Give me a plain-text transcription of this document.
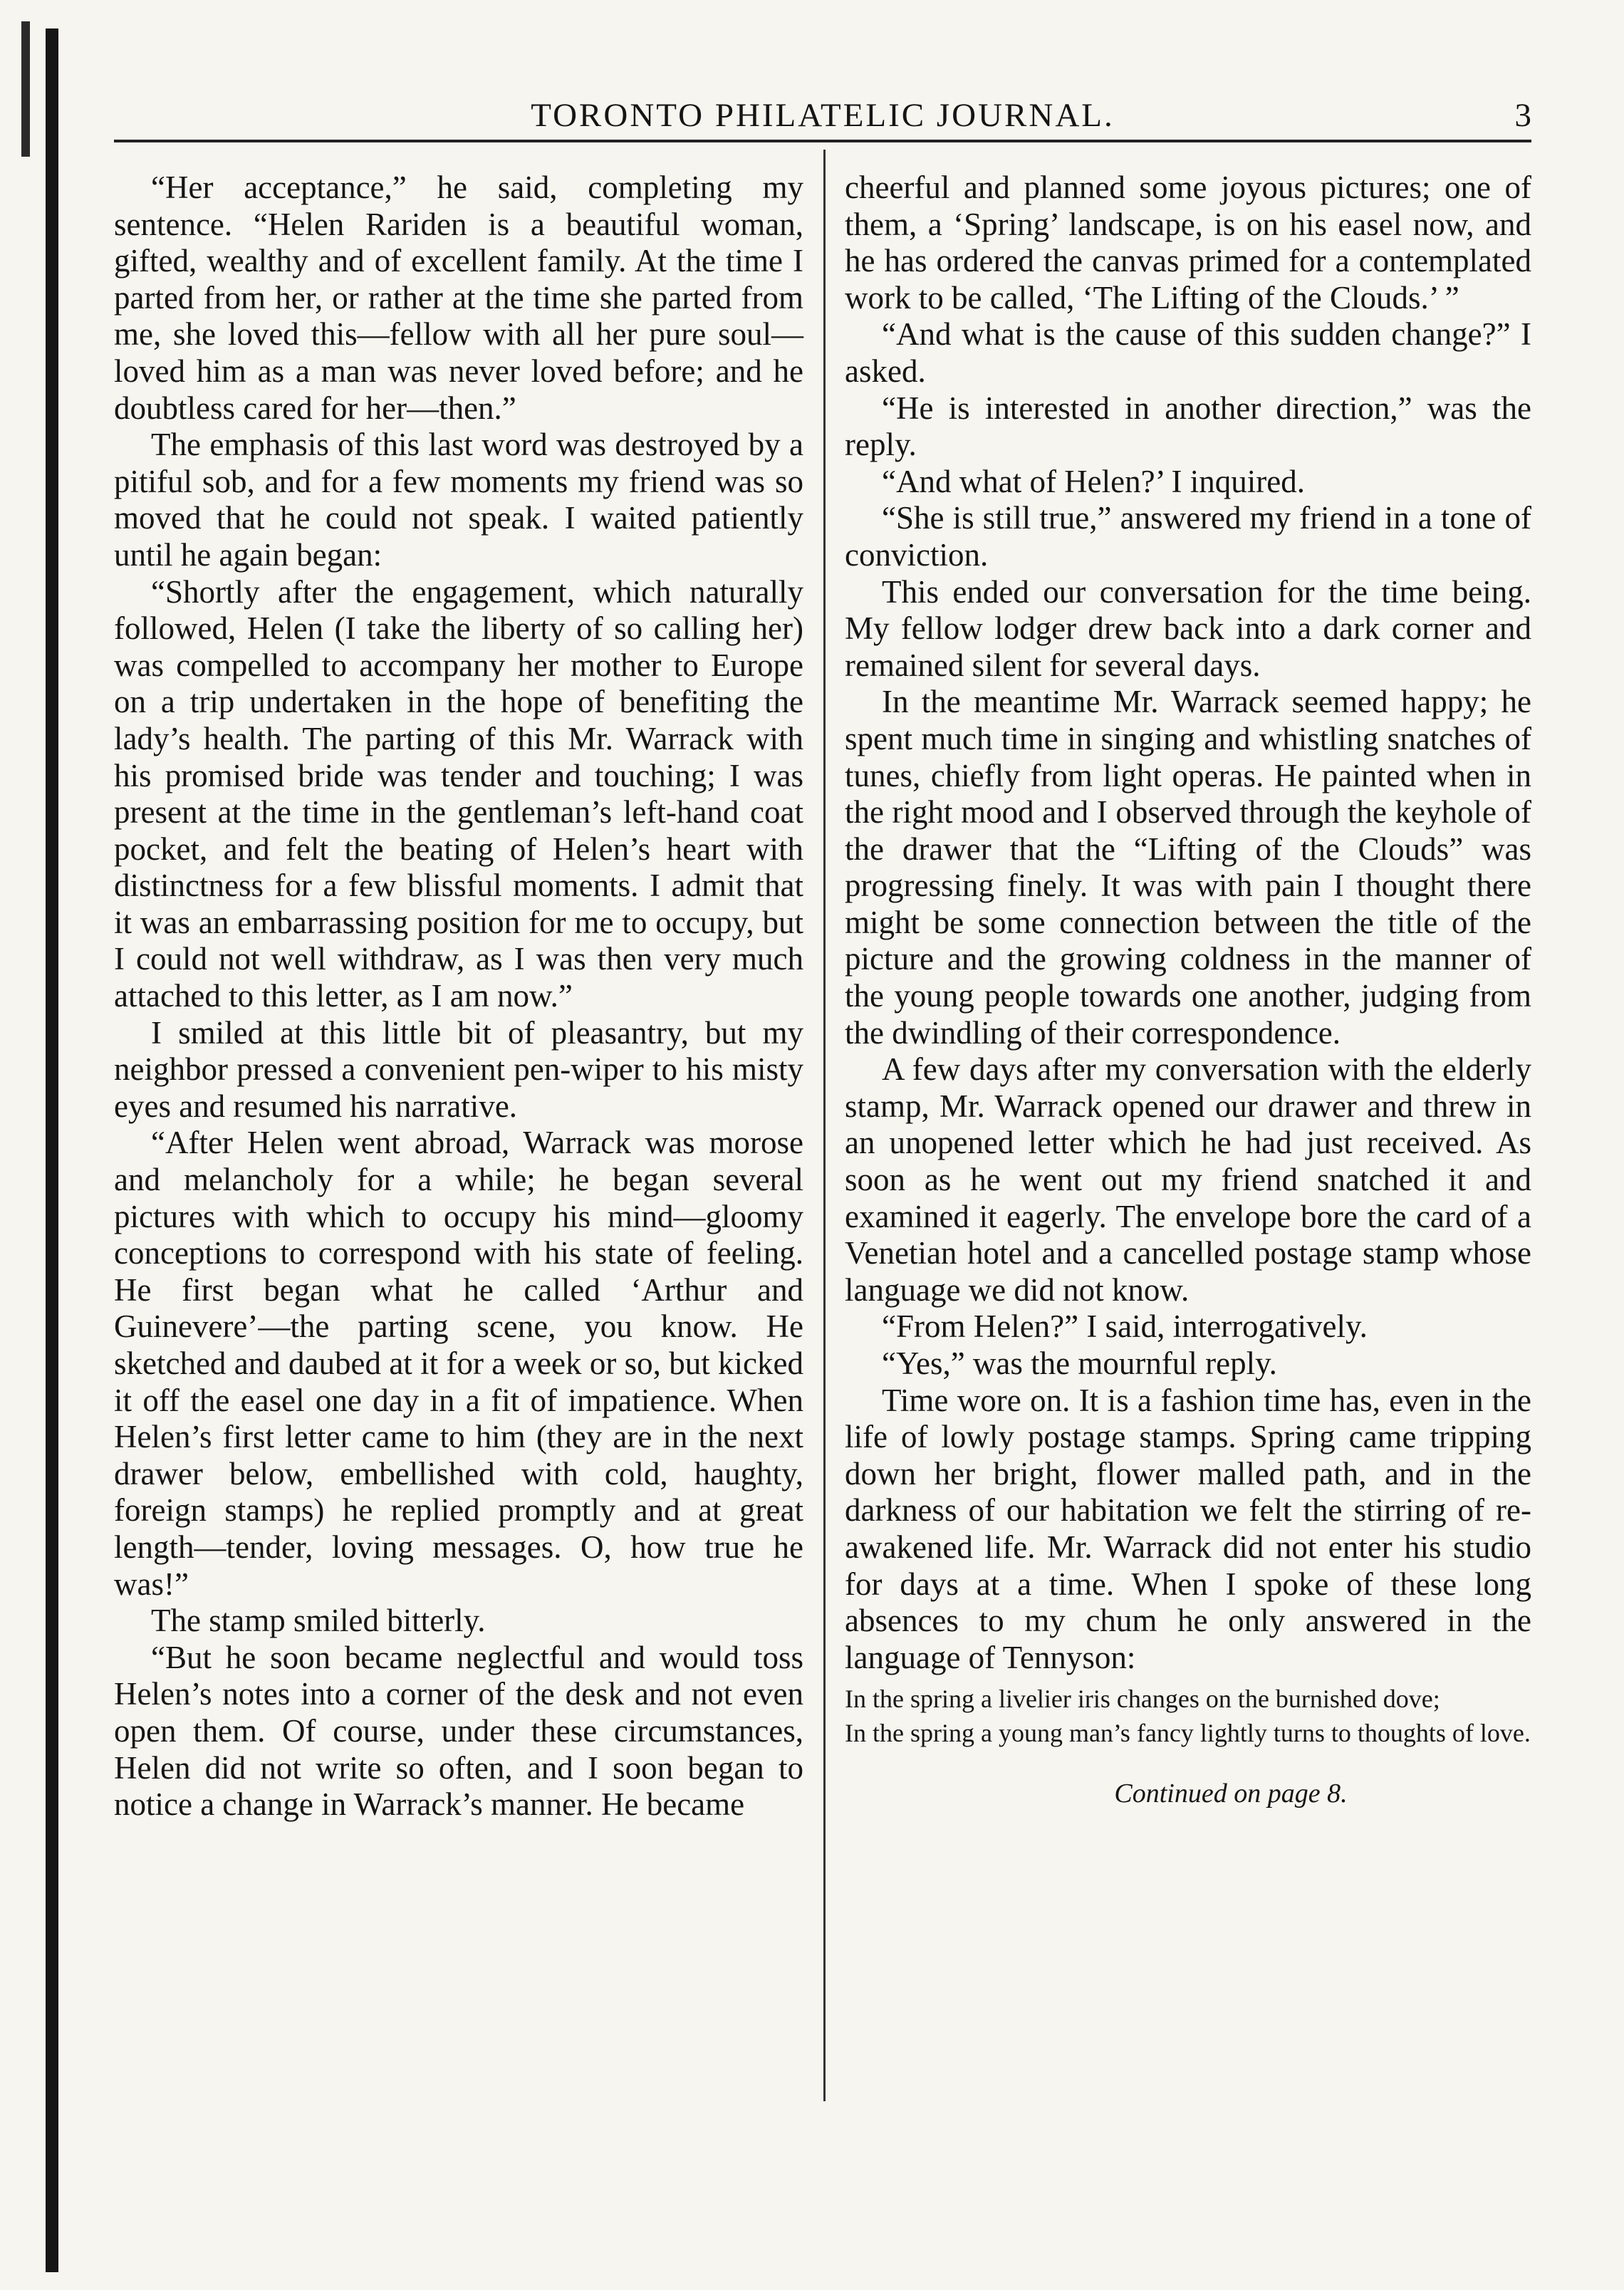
TORONTO PHILATELIC JOURNAL.	3

“Her acceptance,” he said, completing my sentence. “Helen Rariden is a beautiful woman, gifted, wealthy and of excellent family. At the time I parted from her, or rather at the time she parted from me, she loved this—fellow with all her pure soul—loved him as a man was never loved before; and he doubtless cared for her—then.”

The emphasis of this last word was destroyed by a pitiful sob, and for a few moments my friend was so moved that he could not speak. I waited patiently until he again began:

“Shortly after the engagement, which naturally followed, Helen (I take the liberty of so calling her) was compelled to accompany her mother to Europe on a trip undertaken in the hope of benefiting the lady’s health. The parting of this Mr. Warrack with his promised bride was tender and touching; I was present at the time in the gentleman’s left-hand coat pocket, and felt the beating of Helen’s heart with distinctness for a few blissful moments. I admit that it was an embarrassing position for me to occupy, but I could not well withdraw, as I was then very much attached to this letter, as I am now.”

I smiled at this little bit of pleasantry, but my neighbor pressed a convenient pen-wiper to his misty eyes and resumed his narrative.

“After Helen went abroad, Warrack was morose and melancholy for a while; he began several pictures with which to occupy his mind—gloomy conceptions to correspond with his state of feeling. He first began what he called ‘Arthur and Guinevere’—the parting scene, you know. He sketched and daubed at it for a week or so, but kicked it off the easel one day in a fit of impatience. When Helen’s first letter came to him (they are in the next drawer below, embellished with cold, haughty, foreign stamps) he replied promptly and at great length—tender, loving messages. O, how true he was!”

The stamp smiled bitterly.

“But he soon became neglectful and would toss Helen’s notes into a corner of the desk and not even open them. Of course, under these circumstances, Helen did not write so often, and I soon began to notice a change in Warrack’s manner. He became

cheerful and planned some joyous pictures; one of them, a ‘Spring’ landscape, is on his easel now, and he has ordered the canvas primed for a contemplated work to be called, ‘The Lifting of the Clouds.’ ”

“And what is the cause of this sudden change?” I asked.

“He is interested in another direction,” was the reply.

“And what of Helen?’ I inquired.

“She is still true,” answered my friend in a tone of conviction.

This ended our conversation for the time being. My fellow lodger drew back into a dark corner and remained silent for several days.

In the meantime Mr. Warrack seemed happy; he spent much time in singing and whistling snatches of tunes, chiefly from light operas. He painted when in the right mood and I observed through the keyhole of the drawer that the “Lifting of the Clouds” was progressing finely. It was with pain I thought there might be some connection between the title of the picture and the growing coldness in the manner of the young people towards one another, judging from the dwindling of their correspondence.

A few days after my conversation with the elderly stamp, Mr. Warrack opened our drawer and threw in an unopened letter which he had just received. As soon as he went out my friend snatched it and examined it eagerly. The envelope bore the card of a Venetian hotel and a cancelled postage stamp whose language we did not know.

“From Helen?” I said, interrogatively.

“Yes,” was the mournful reply.

Time wore on. It is a fashion time has, even in the life of lowly postage stamps. Spring came tripping down her bright, flower malled path, and in the darkness of our habitation we felt the stirring of re-awakened life. Mr. Warrack did not enter his studio for days at a time. When I spoke of these long absences to my chum he only answered in the language of Tennyson:

In the spring a livelier iris changes on the burnished dove;
In the spring a young man’s fancy lightly turns to thoughts of love.
Continued on page 8.
